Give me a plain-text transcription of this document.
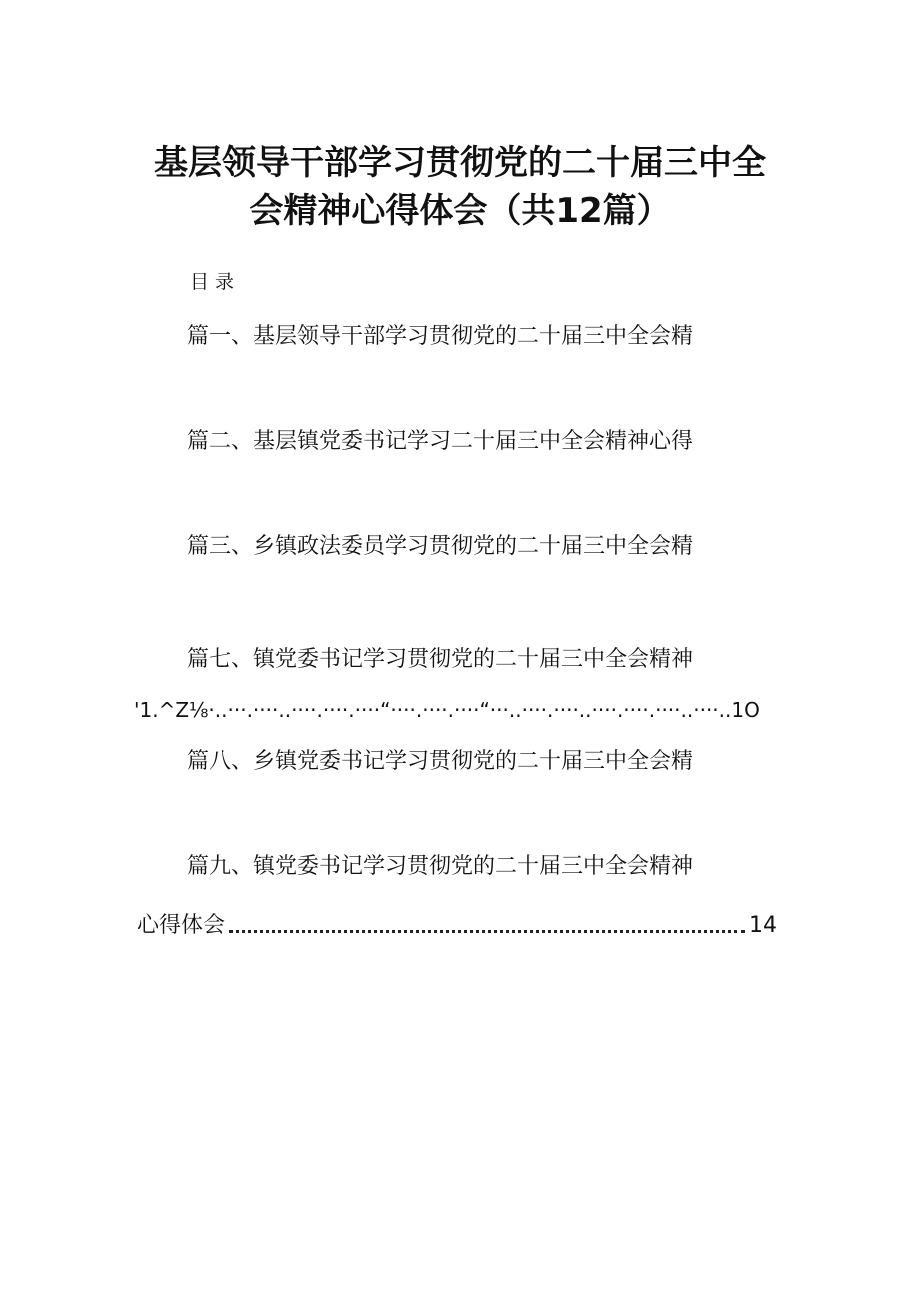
基层领导干部学习贯彻党的二十届三中全
会精神心得体会（共12篇）
目录
篇一、基层领导干部学习贯彻党的二十届三中全会精
篇二、基层镇党委书记学习二十届三中全会精神心得
篇三、乡镇政法委员学习贯彻党的二十届三中全会精
篇七、镇党委书记学习贯彻党的二十届三中全会精神
'1.^Z⅛·..···.····..····.····.····“····.····.····“···..····.····..····.····.····..····..1O
篇八、乡镇党委书记学习贯彻党的二十届三中全会精
篇九、镇党委书记学习贯彻党的二十届三中全会精神
心得体会	14
